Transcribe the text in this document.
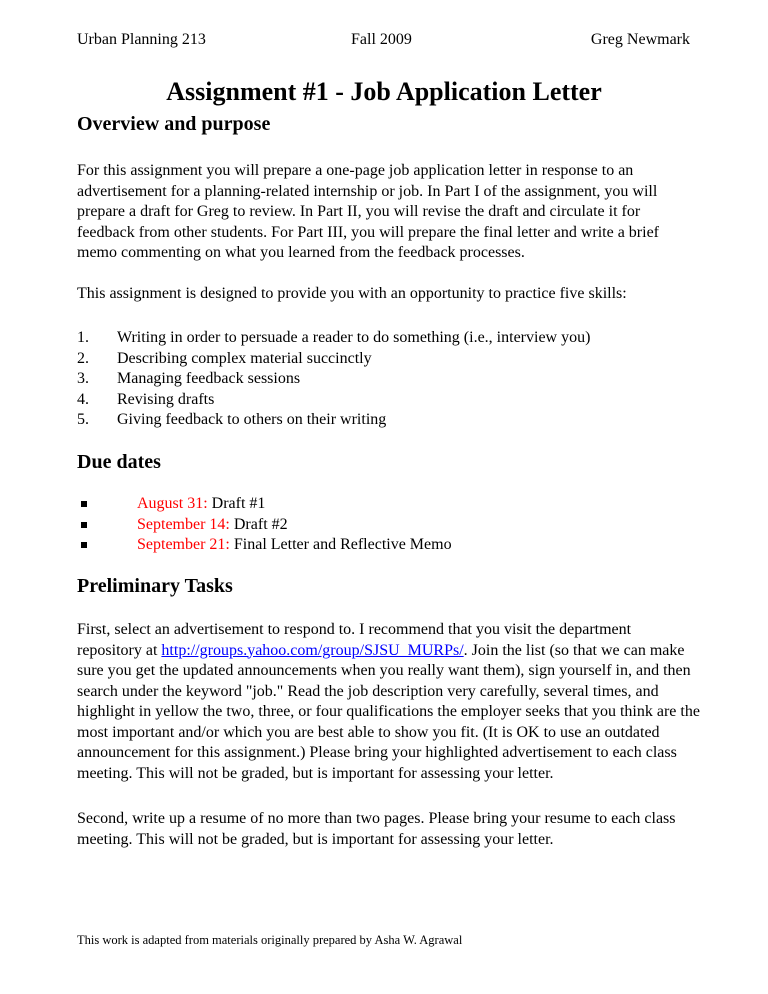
Urban Planning 213	Fall 2009	Greg Newmark
Assignment #1 - Job Application Letter
Overview and purpose
For this assignment you will prepare a one-page job application letter in response to an
advertisement for a planning-related internship or job. In Part I of the assignment, you will
prepare a draft for Greg to review. In Part II, you will revise the draft and circulate it for
feedback from other students. For Part III, you will prepare the final letter and write a brief
memo commenting on what you learned from the feedback processes.
This assignment is designed to provide you with an opportunity to practice five skills:
1. Writing in order to persuade a reader to do something (i.e., interview you)
2. Describing complex material succinctly
3. Managing feedback sessions
4. Revising drafts
5. Giving feedback to others on their writing
Due dates
August 31: Draft #1
September 14: Draft #2
September 21: Final Letter and Reflective Memo
Preliminary Tasks
First, select an advertisement to respond to. I recommend that you visit the department
repository at http://groups.yahoo.com/group/SJSU_MURPs/. Join the list (so that we can make
sure you get the updated announcements when you really want them), sign yourself in, and then
search under the keyword "job." Read the job description very carefully, several times, and
highlight in yellow the two, three, or four qualifications the employer seeks that you think are the
most important and/or which you are best able to show you fit. (It is OK to use an outdated
announcement for this assignment.) Please bring your highlighted advertisement to each class
meeting. This will not be graded, but is important for assessing your letter.
Second, write up a resume of no more than two pages. Please bring your resume to each class
meeting. This will not be graded, but is important for assessing your letter.
This work is adapted from materials originally prepared by Asha W. Agrawal
